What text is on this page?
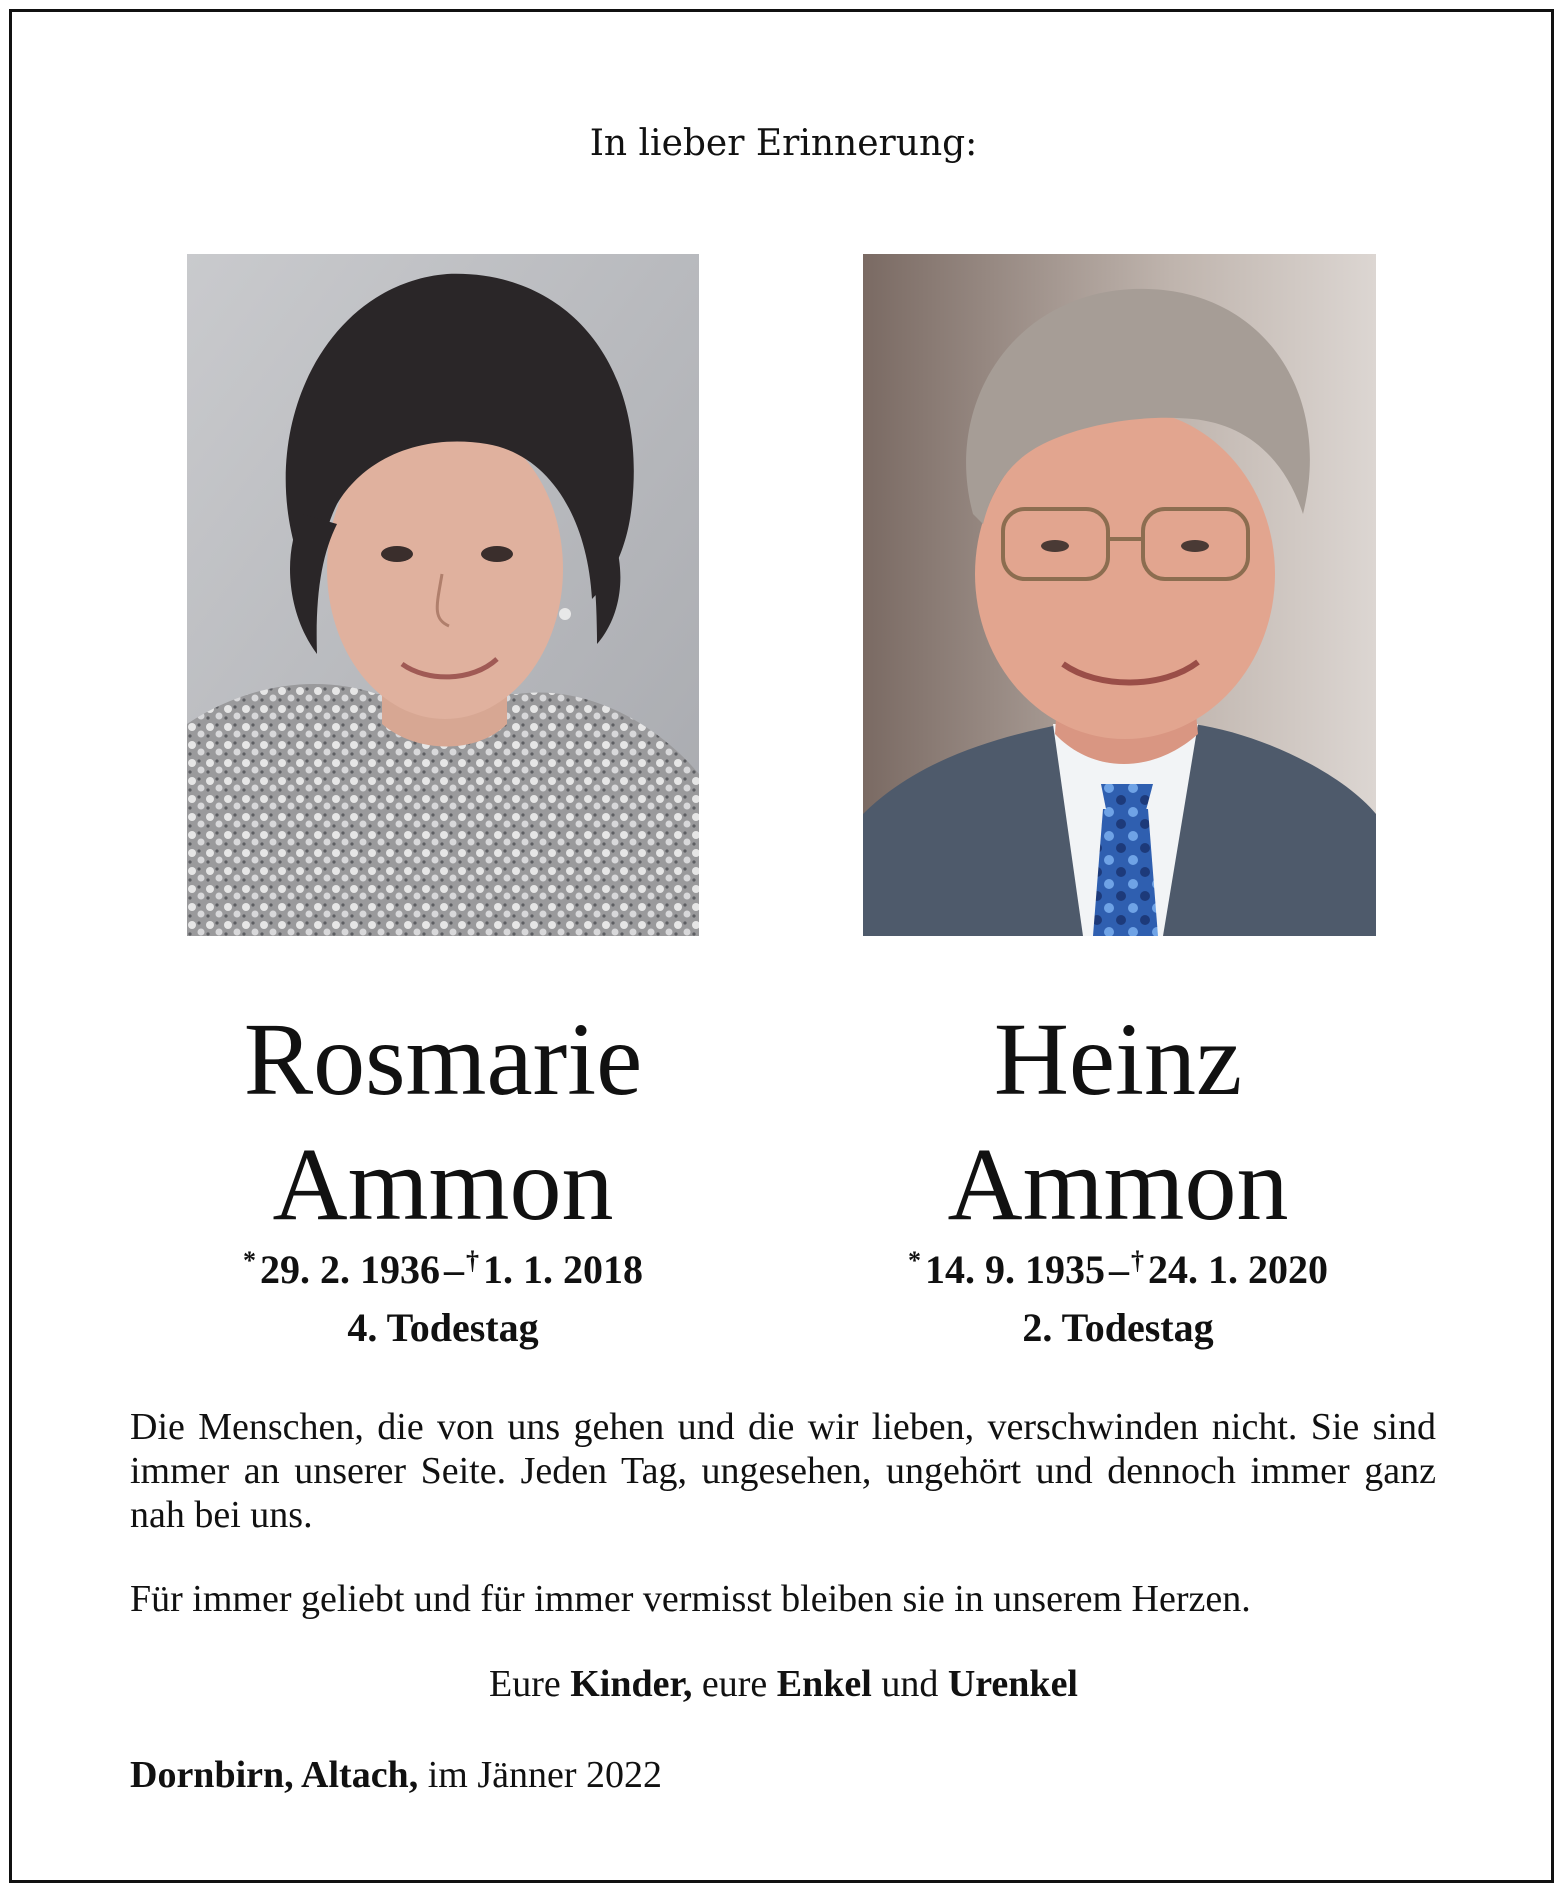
In lieber Erinnerung:
Rosmarie
Ammon
* 29. 2. 1936 –† 1. 1. 2018
4. Todestag
Heinz
Ammon
* 14. 9. 1935 –† 24. 1. 2020
2. Todestag

Die Menschen, die von uns gehen und die wir lieben, verschwinden nicht. Sie sind immer an unserer Seite. Jeden Tag, ungesehen, ungehört und dennoch immer ganz nah bei uns.

Für immer geliebt und für immer vermisst bleiben sie in unserem Herzen.

Eure Kinder, eure Enkel und Urenkel
Dornbirn, Altach, im Jänner 2022
